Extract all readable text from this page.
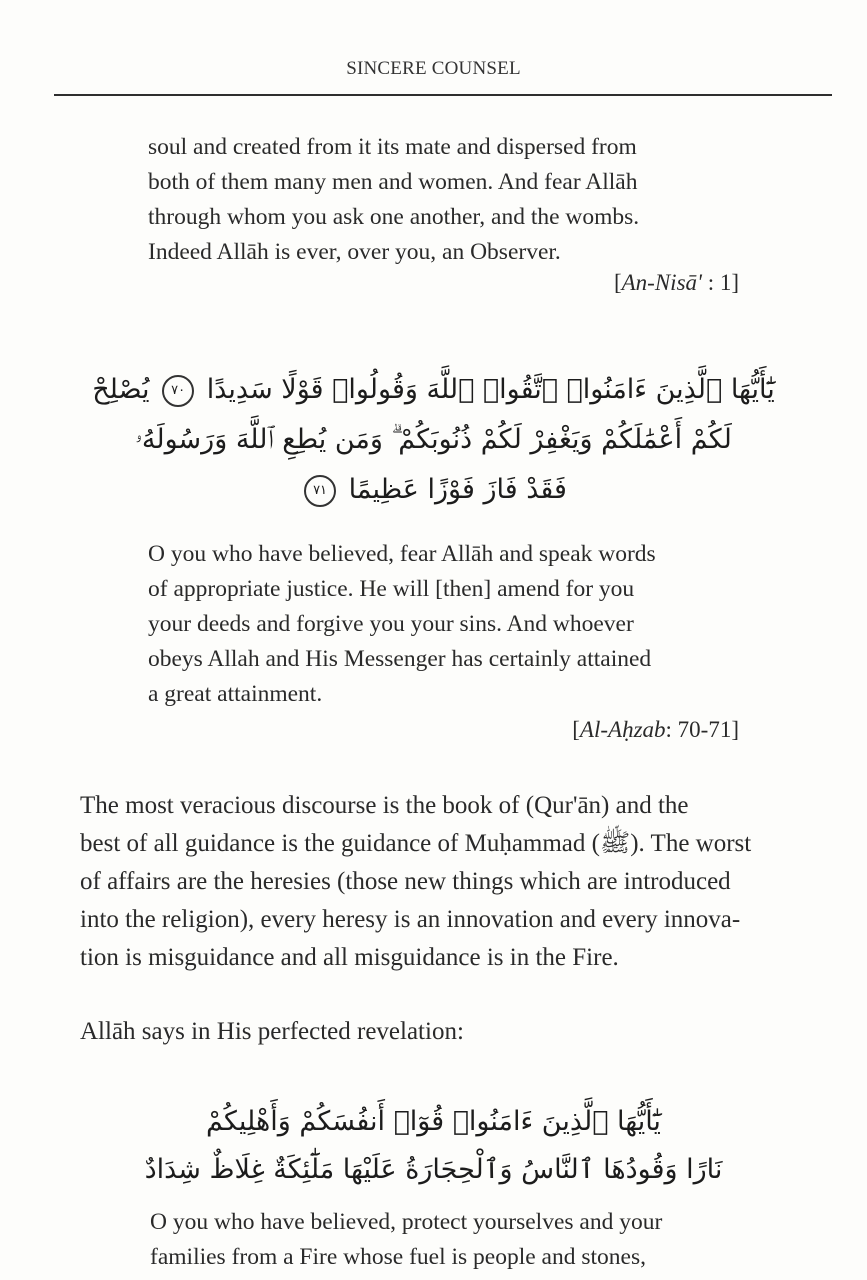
SINCERE COUNSEL

soul and created from it its mate and dispersed from

both of them many men and women. And fear Allāh

through whom you ask one another, and the wombs.

Indeed Allāh is ever, over you, an Observer.

[An-Nisā' : 1]
يَٰٓأَيُّهَا ٱلَّذِينَ ءَامَنُوا۟ ٱتَّقُوا۟ ٱللَّهَ وَقُولُوا۟ قَوْلًا سَدِيدًا ٧٠ يُصْلِحْ
لَكُمْ أَعْمَٰلَكُمْ وَيَغْفِرْ لَكُمْ ذُنُوبَكُمْ ۗ وَمَن يُطِعِ ٱللَّهَ وَرَسُولَهُۥ
فَقَدْ فَازَ فَوْزًا عَظِيمًا ٧١

O you who have believed, fear Allāh and speak words

of appropriate justice. He will [then] amend for you

your deeds and forgive you your sins. And whoever

obeys Allah and His Messenger has certainly attained

a great attainment.

[Al-Aḥzab: 70-71]

The most veracious discourse is the book of (Qur'ān) and the

best of all guidance is the guidance of Muḥammad (ﷺ). The worst

of affairs are the heresies (those new things which are introduced

into the religion), every heresy is an innovation and every innova-

tion is misguidance and all misguidance is in the Fire.

Allāh says in His perfected revelation:

يَٰٓأَيُّهَا ٱلَّذِينَ ءَامَنُوا۟ قُوٓا۟ أَنفُسَكُمْ وَأَهْلِيكُمْ
نَارًا وَقُودُهَا ٱلنَّاسُ وَٱلْحِجَارَةُ عَلَيْهَا مَلَٰٓئِكَةٌ غِلَاظٌ شِدَادٌ

O you who have believed, protect yourselves and your

families from a Fire whose fuel is people and stones,
